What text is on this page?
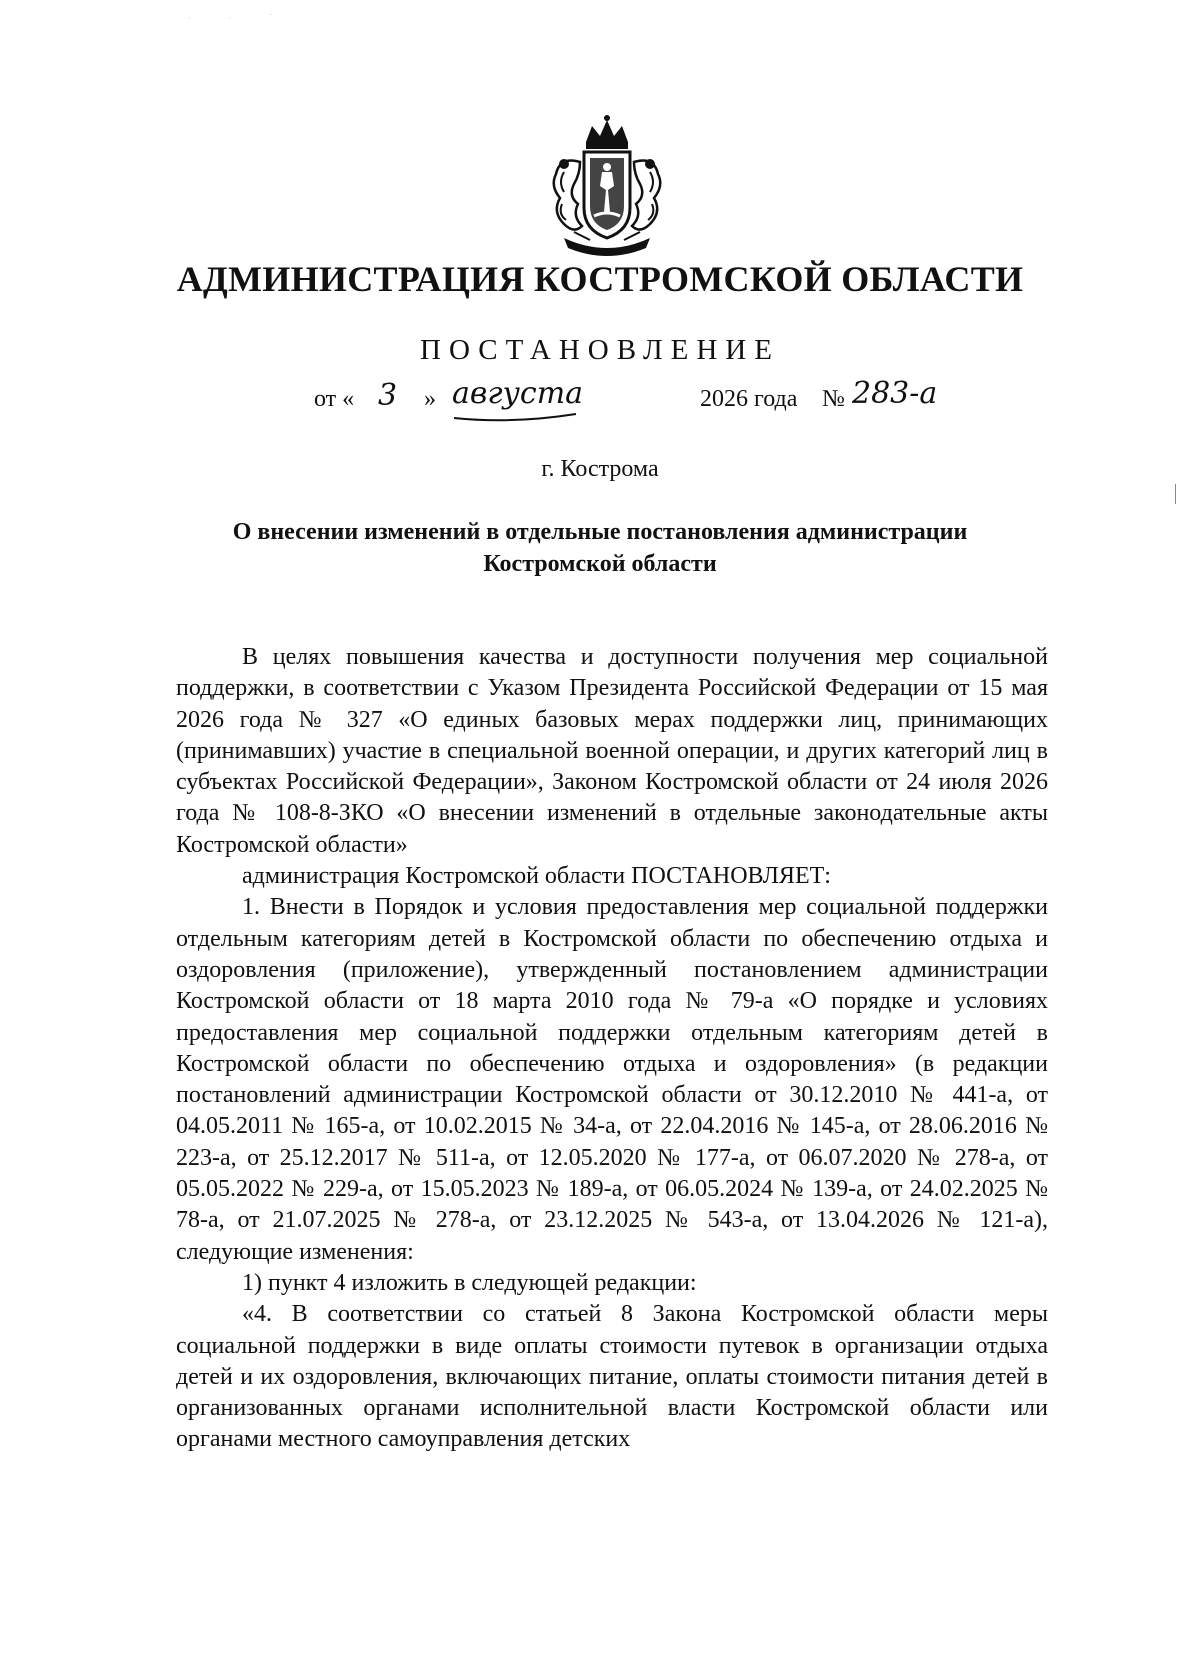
· · ‾
АДМИНИСТРАЦИЯ КОСТРОМСКОЙ ОБЛАСТИ
ПОСТАНОВЛЕНИЕ
от « 3 » августа	2026 года № 283-а
г. Кострома
О внесении изменений в отдельные постановления администрации
Костромской области

В целях повышения качества и доступности получения мер социальной поддержки, в соответствии с Указом Президента Российской Федерации от 15 мая 2026 года № 327 «О единых базовых мерах поддержки лиц, принимающих (принимавших) участие в специальной военной операции, и других категорий лиц в субъектах Российской Федерации», Законом Костромской области от 24 июля 2026 года № 108-8-ЗКО «О внесении изменений в отдельные законодательные акты Костромской области»

администрация Костромской области ПОСТАНОВЛЯЕТ:

1. Внести в Порядок и условия предоставления мер социальной поддержки отдельным категориям детей в Костромской области по обеспечению отдыха и оздоровления (приложение), утвержденный постановлением администрации Костромской области от 18 марта 2010 года № 79-а «О порядке и условиях предоставления мер социальной поддержки отдельным категориям детей в Костромской области по обеспечению отдыха и оздоровления» (в редакции постановлений администрации Костромской области от 30.12.2010 № 441-а, от 04.05.2011 № 165-а, от 10.02.2015 № 34-а, от 22.04.2016 № 145-а, от 28.06.2016 № 223-а, от 25.12.2017 № 511-а, от 12.05.2020 № 177-а, от 06.07.2020 № 278-а, от 05.05.2022 № 229-а, от 15.05.2023 № 189-а, от 06.05.2024 № 139-а, от 24.02.2025 № 78-а, от 21.07.2025 № 278-а, от 23.12.2025 № 543-а, от 13.04.2026 № 121-а), следующие изменения:

1) пункт 4 изложить в следующей редакции:

«4. В соответствии со статьей 8 Закона Костромской области меры социальной поддержки в виде оплаты стоимости путевок в организации отдыха детей и их оздоровления, включающих питание, оплаты стоимости питания детей в организованных органами исполнительной власти Костромской области или органами местного самоуправления детских
